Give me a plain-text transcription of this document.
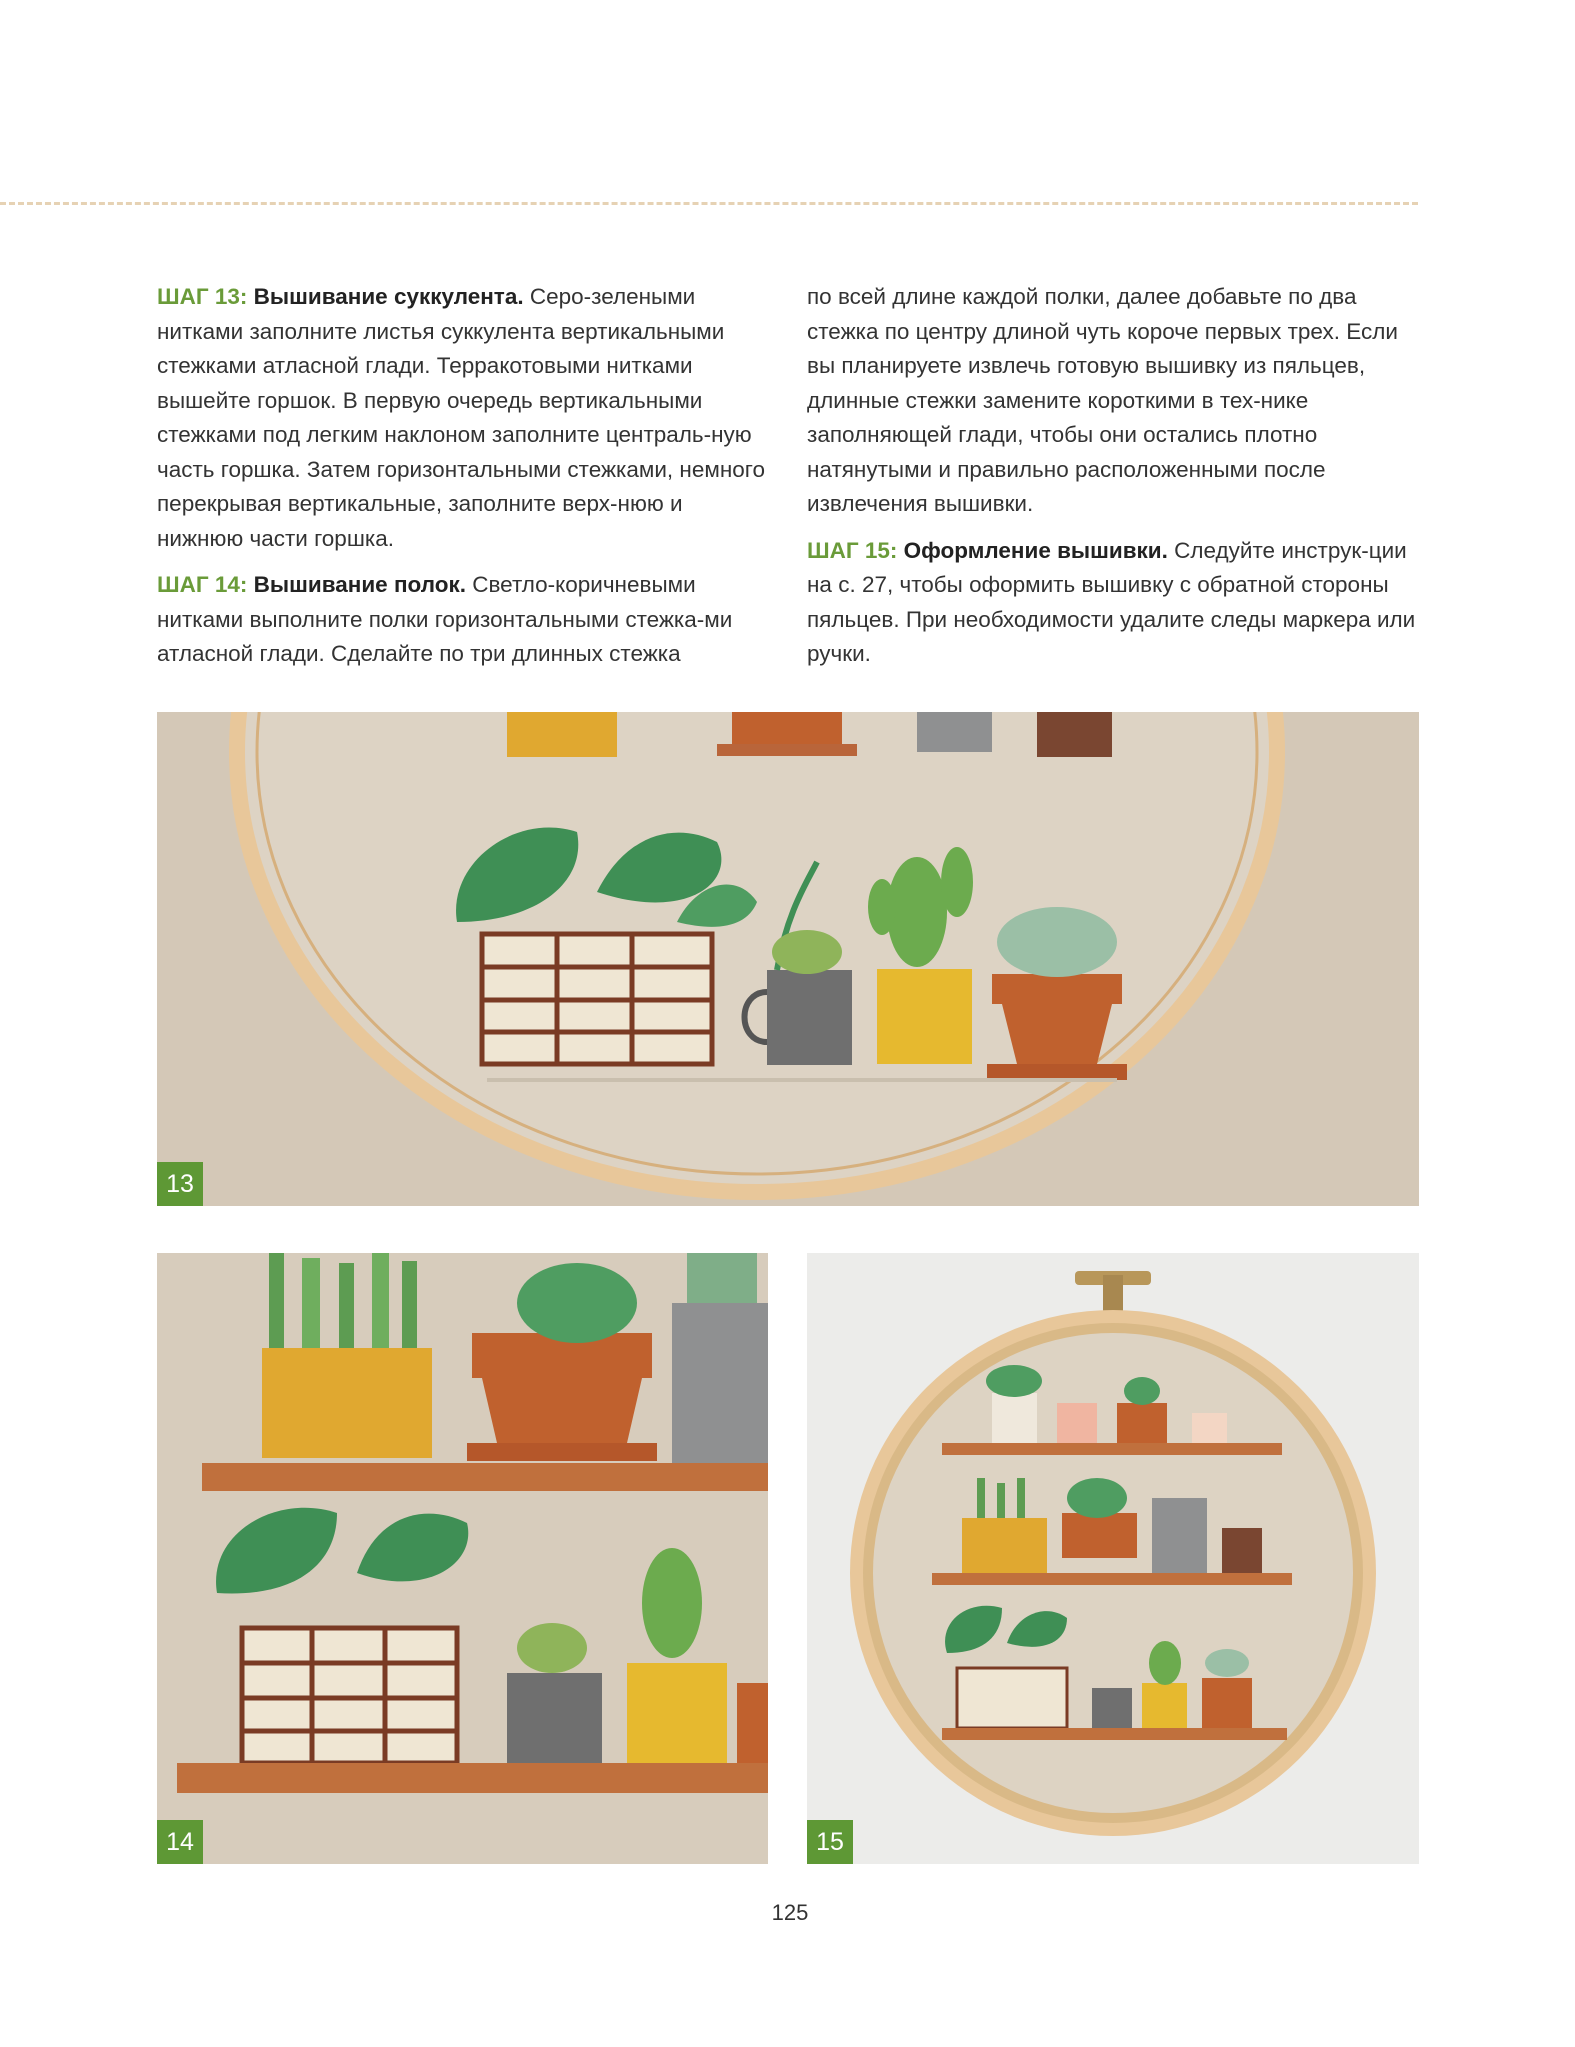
ШАГ 13: Вышивание суккулента. Серо-зелеными нитками заполните листья суккулента вертикальными стежками атласной глади. Терракотовыми нитками вышейте горшок. В первую очередь вертикальными стежками под легким наклоном заполните централь-ную часть горшка. Затем горизонтальными стежками, немного перекрывая вертикальные, заполните верх-нюю и нижнюю части горшка.

ШАГ 14: Вышивание полок. Светло-коричневыми нитками выполните полки горизонтальными стежка-ми атласной глади. Сделайте по три длинных стежка

по всей длине каждой полки, далее добавьте по два стежка по центру длиной чуть короче первых трех. Если вы планируете извлечь готовую вышивку из пяльцев, длинные стежки замените короткими в тех-нике заполняющей глади, чтобы они остались плотно натянутыми и правильно расположенными после извлечения вышивки.

ШАГ 15: Оформление вышивки. Следуйте инструк-ции на с. 27, чтобы оформить вышивку с обратной стороны пяльцев. При необходимости удалите следы маркера или ручки.

13
14	15
125
